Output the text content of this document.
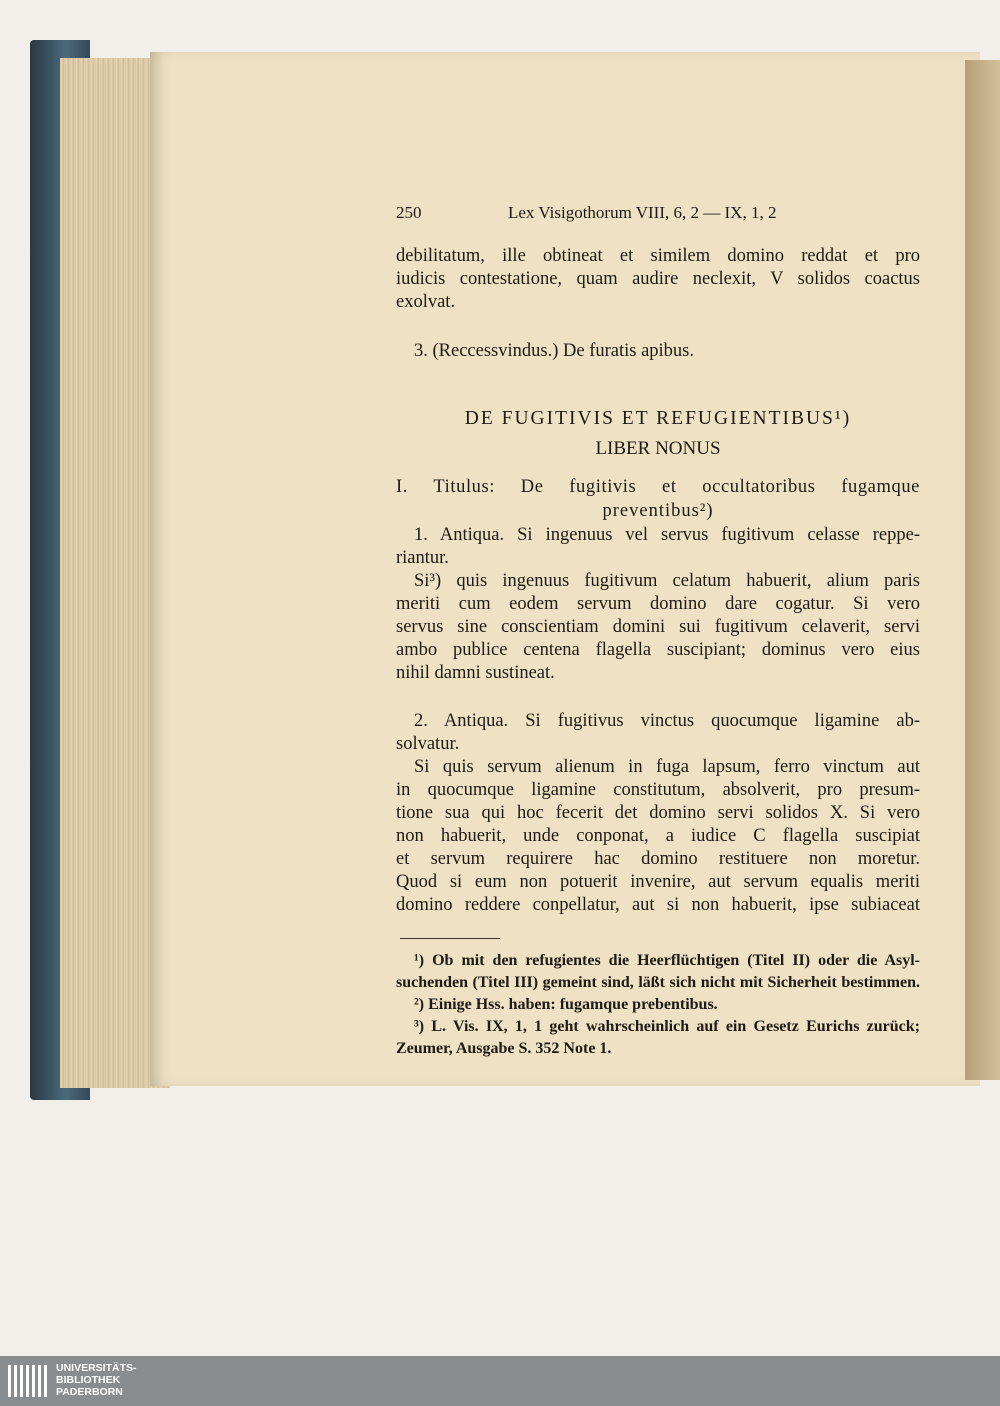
250	Lex Visigothorum VIII, 6, 2 — IX, 1, 2
debilitatum, ille obtineat et similem domino reddat et pro
iudicis contestatione, quam audire neclexit, V solidos coactus
exolvat.
3. (Reccessvindus.) De furatis apibus.
DE FUGITIVIS ET REFUGIENTIBUS¹)
LIBER NONUS
I. Titulus: De fugitivis et occultatoribus fugamque
preventibus²)
1. Antiqua. Si ingenuus vel servus fugitivum celasse reppe-
riantur.
Si³) quis ingenuus fugitivum celatum habuerit, alium paris
meriti cum eodem servum domino dare cogatur. Si vero
servus sine conscientiam domini sui fugitivum celaverit, servi
ambo publice centena flagella suscipiant; dominus vero eius
nihil damni sustineat.
2. Antiqua. Si fugitivus vinctus quocumque ligamine ab-
solvatur.
Si quis servum alienum in fuga lapsum, ferro vinctum aut
in quocumque ligamine constitutum, absolverit, pro presum-
tione sua qui hoc fecerit det domino servi solidos X. Si vero
non habuerit, unde conponat, a iudice C flagella suscipiat
et servum requirere hac domino restituere non moretur.
Quod si eum non potuerit invenire, aut servum equalis meriti
domino reddere conpellatur, aut si non habuerit, ipse subiaceat
¹) Ob mit den refugientes die Heerflüchtigen (Titel II) oder die Asyl-
suchenden (Titel III) gemeint sind, läßt sich nicht mit Sicherheit bestimmen.
²) Einige Hss. haben: fugamque prebentibus.
³) L. Vis. IX, 1, 1 geht wahrscheinlich auf ein Gesetz Eurichs zurück;
Zeumer, Ausgabe S. 352 Note 1.
UNIVERSITÄTS-
BIBLIOTHEK
PADERBORN
